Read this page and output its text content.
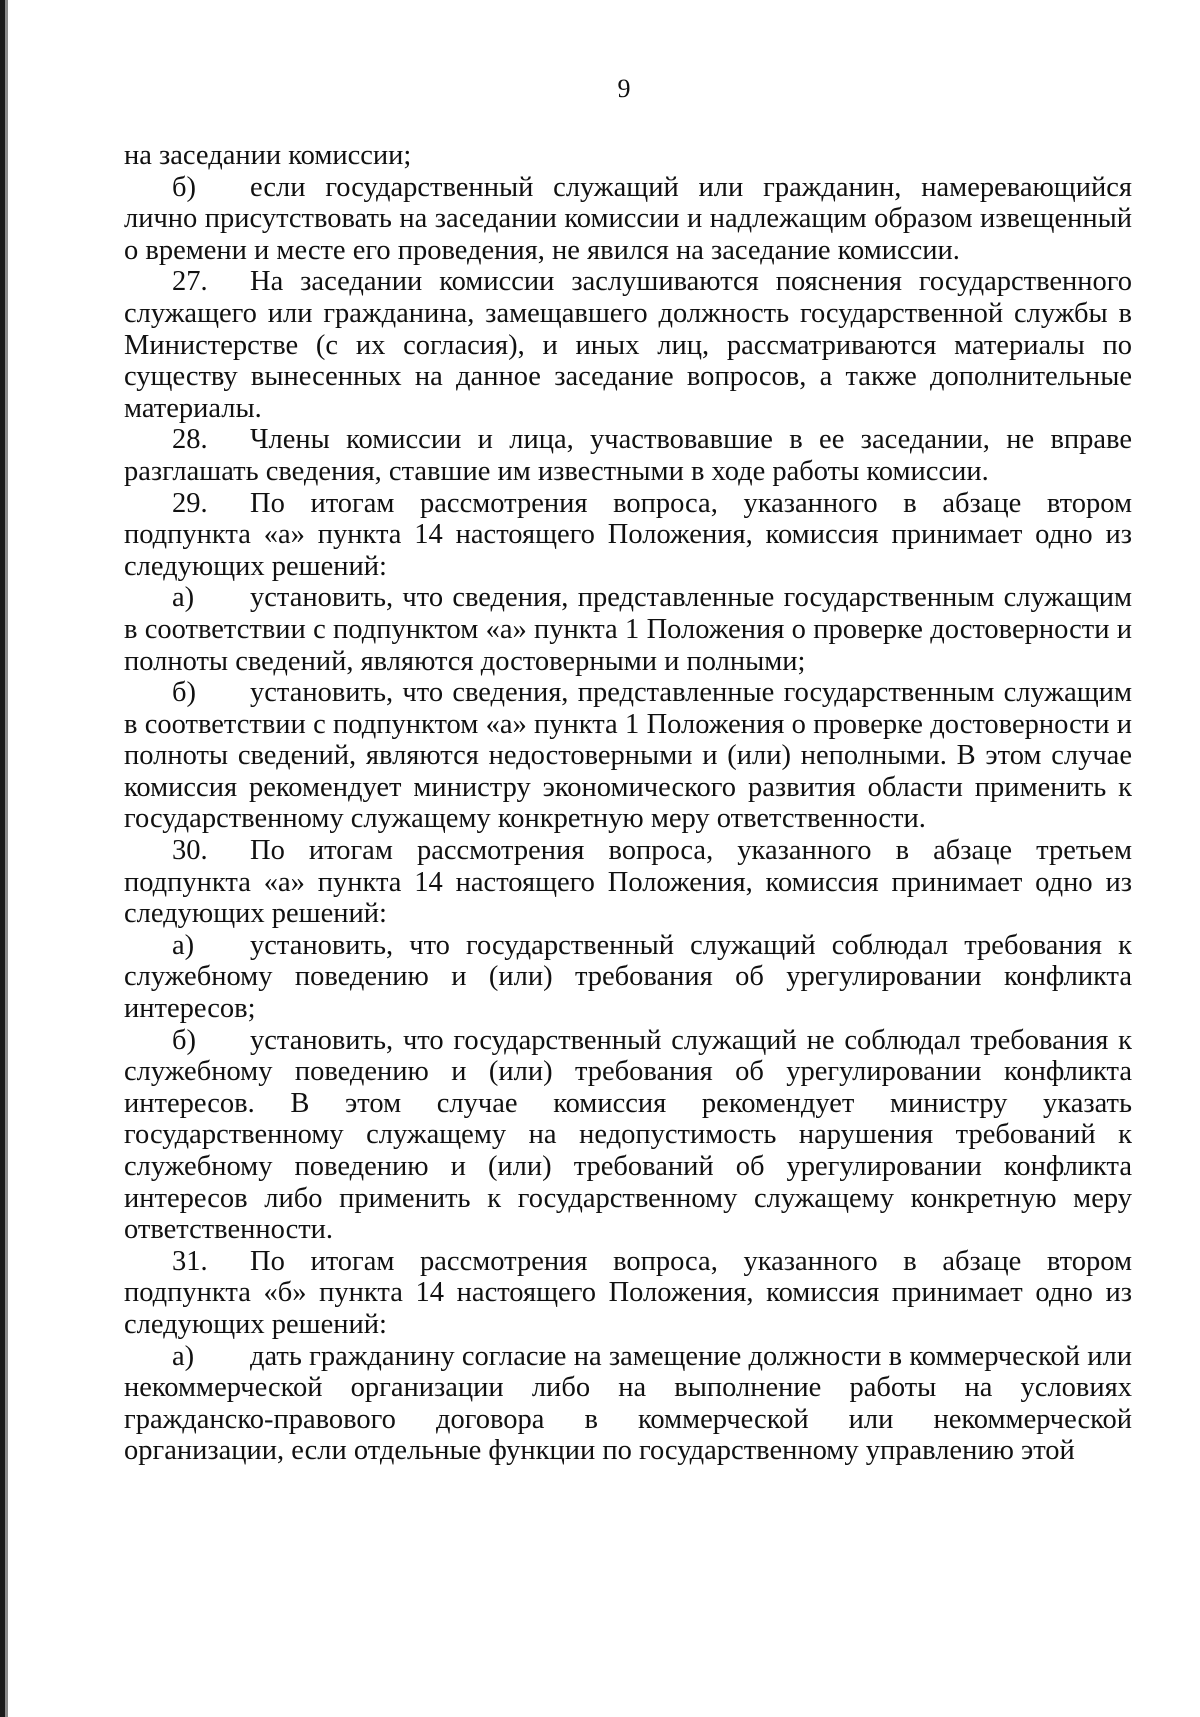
9

на заседании комиссии;

б) если государственный служащий или гражданин, намеревающийся лично присутствовать на заседании комиссии и надлежащим образом извещенный о времени и месте его проведения, не явился на заседание комиссии.

27. На заседании комиссии заслушиваются пояснения государственного служащего или гражданина, замещавшего должность государственной службы в Министерстве (с их согласия), и иных лиц, рассматриваются материалы по существу вынесенных на данное заседание вопросов, а также дополнительные материалы.

28. Члены комиссии и лица, участвовавшие в ее заседании, не вправе разглашать сведения, ставшие им известными в ходе работы комиссии.

29. По итогам рассмотрения вопроса, указанного в абзаце втором подпункта «а» пункта 14 настоящего Положения, комиссия принимает одно из следующих решений:

а) установить, что сведения, представленные государственным служащим в соответствии с подпунктом «а» пункта 1 Положения о проверке достоверности и полноты сведений, являются достоверными и полными;

б) установить, что сведения, представленные государственным служащим в соответствии с подпунктом «а» пункта 1 Положения о проверке достоверности и полноты сведений, являются недостоверными и (или) неполными. В этом случае комиссия рекомендует министру экономического развития области применить к государственному служащему конкретную меру ответственности.

30. По итогам рассмотрения вопроса, указанного в абзаце третьем подпункта «а» пункта 14 настоящего Положения, комиссия принимает одно из следующих решений:

а) установить, что государственный служащий соблюдал требования к служебному поведению и (или) требования об урегулировании конфликта интересов;

б) установить, что государственный служащий не соблюдал требования к служебному поведению и (или) требования об урегулировании конфликта интересов. В этом случае комиссия рекомендует министру указать государственному служащему на недопустимость нарушения требований к служебному поведению и (или) требований об урегулировании конфликта интересов либо применить к государственному служащему конкретную меру ответственности.

31. По итогам рассмотрения вопроса, указанного в абзаце втором подпункта «б» пункта 14 настоящего Положения, комиссия принимает одно из следующих решений:

а) дать гражданину согласие на замещение должности в коммерческой или некоммерческой организации либо на выполнение работы на условиях гражданско-правового договора в коммерческой или некоммерческой организации, если отдельные функции по государственному управлению этой
